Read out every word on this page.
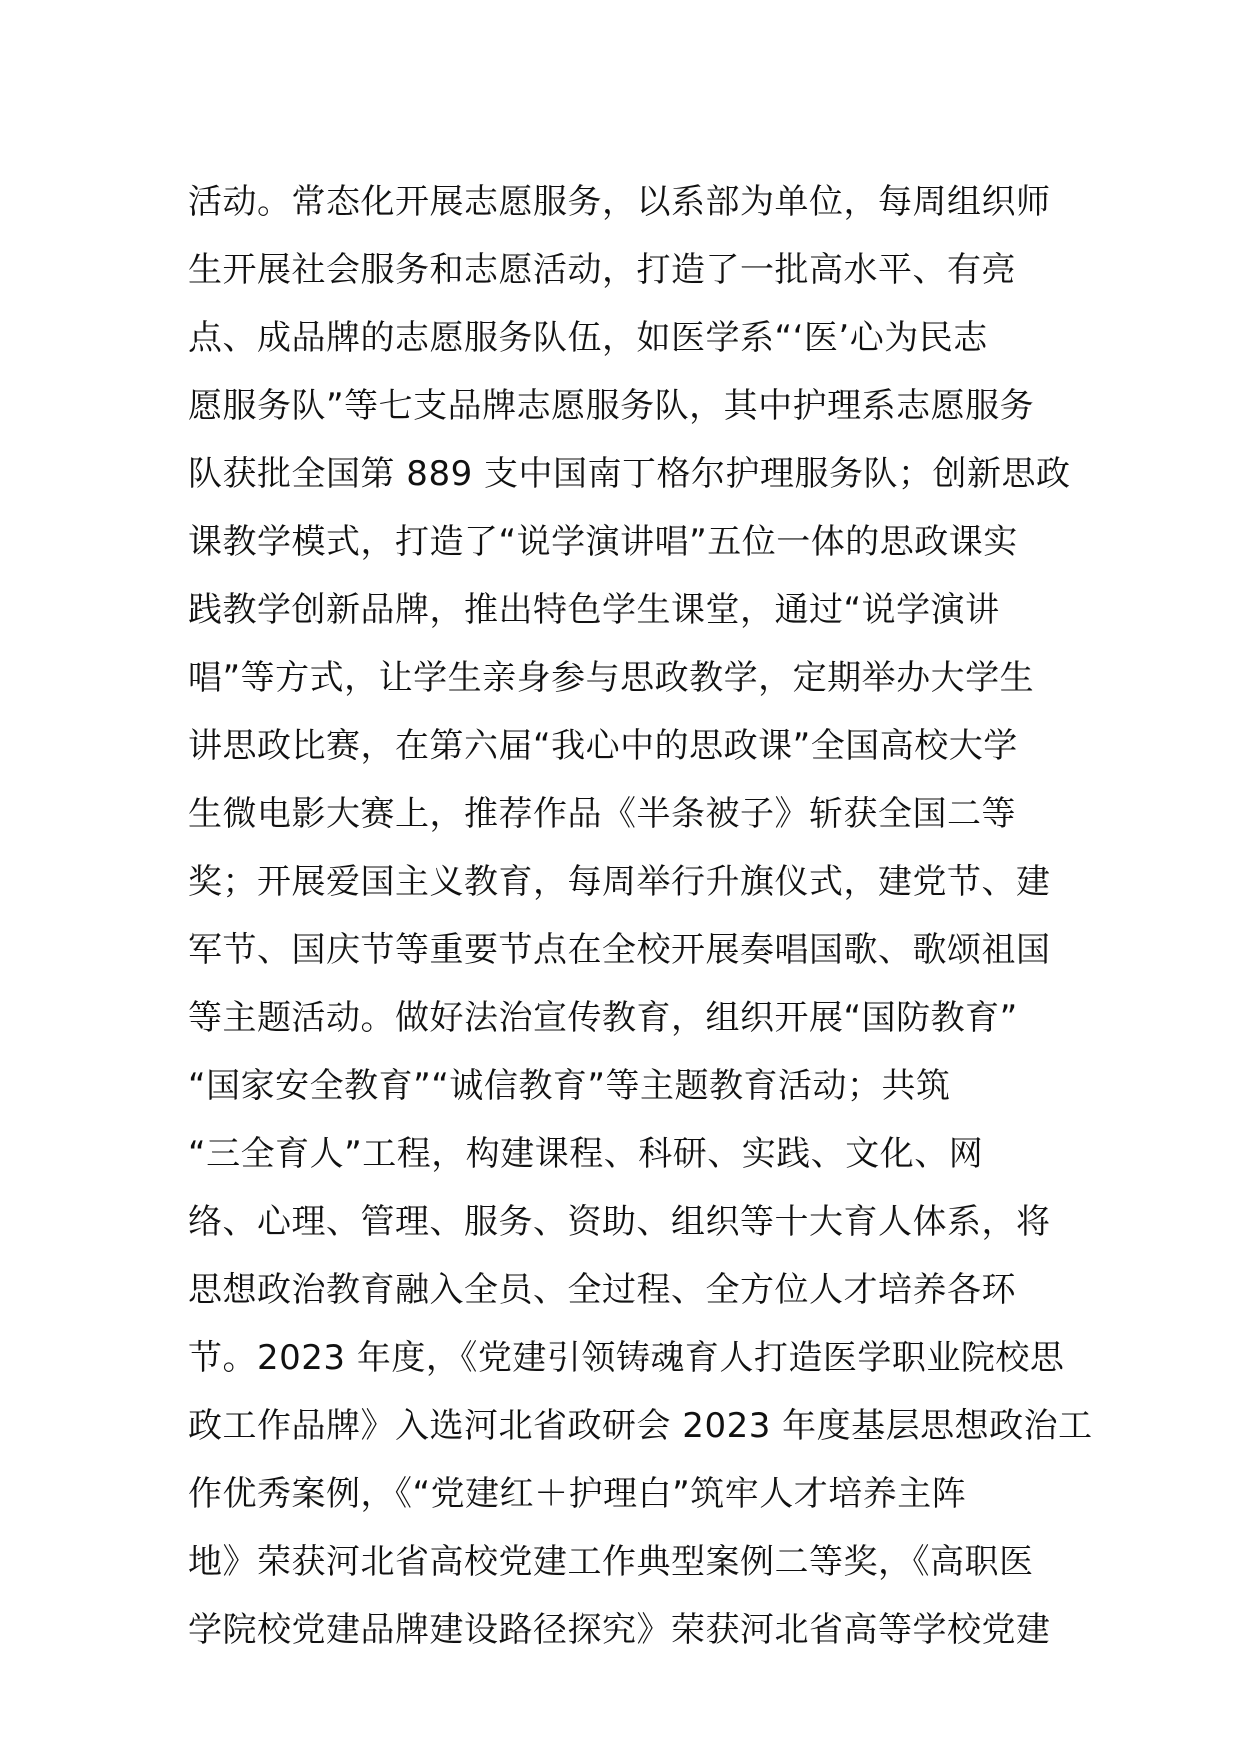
活动。常态化开展志愿服务，以系部为单位，每周组织师
生开展社会服务和志愿活动，打造了一批高水平、有亮
点、成品牌的志愿服务队伍，如医学系“‘医’心为民志
愿服务队”等七支品牌志愿服务队，其中护理系志愿服务
队获批全国第 889 支中国南丁格尔护理服务队；创新思政
课教学模式，打造了“说学演讲唱”五位一体的思政课实
践教学创新品牌，推出特色学生课堂，通过“说学演讲
唱”等方式，让学生亲身参与思政教学，定期举办大学生
讲思政比赛，在第六届“我心中的思政课”全国高校大学
生微电影大赛上，推荐作品《半条被子》斩获全国二等
奖；开展爱国主义教育，每周举行升旗仪式，建党节、建
军节、国庆节等重要节点在全校开展奏唱国歌、歌颂祖国
等主题活动。做好法治宣传教育，组织开展“国防教育”
“国家安全教育”“诚信教育”等主题教育活动；共筑
“三全育人”工程，构建课程、科研、实践、文化、网
络、心理、管理、服务、资助、组织等十大育人体系，将
思想政治教育融入全员、全过程、全方位人才培养各环
节。2023 年度，《党建引领铸魂育人打造医学职业院校思
政工作品牌》入选河北省政研会 2023 年度基层思想政治工
作优秀案例，《“党建红＋护理白”筑牢人才培养主阵
地》荣获河北省高校党建工作典型案例二等奖，《高职医
学院校党建品牌建设路径探究》荣获河北省高等学校党建
